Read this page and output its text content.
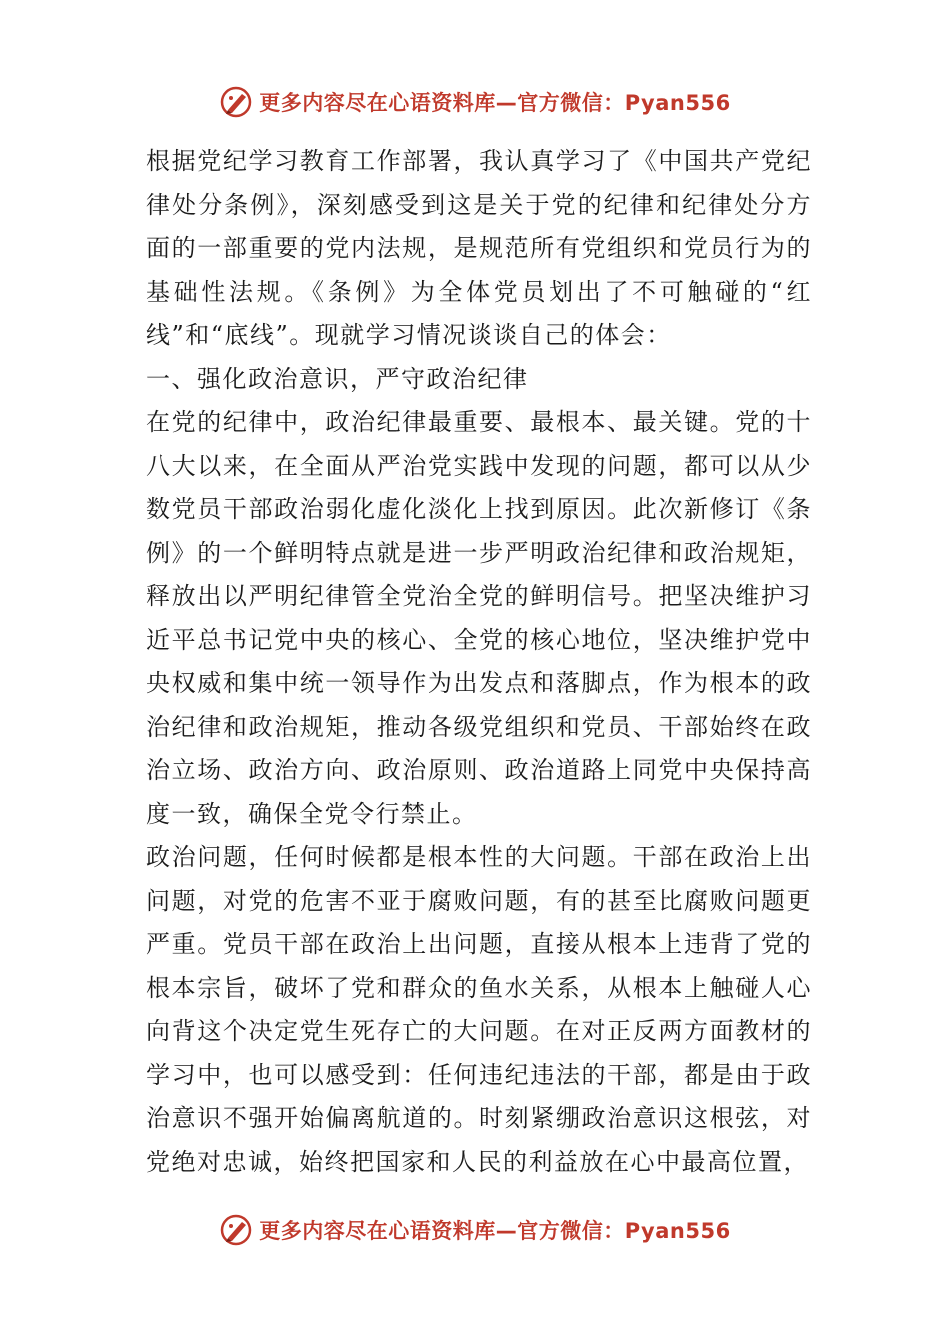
更多内容尽在心语资料库—官方微信：Pyan556

根据党纪学习教育工作部署，我认真学习了《中国共产党纪律处分条例》，深刻感受到这是关于党的纪律和纪律处分方面的一部重要的党内法规，是规范所有党组织和党员行为的基础性法规。《条例》为全体党员划出了不可触碰的“红线”和“底线”。现就学习情况谈谈自己的体会：

一、强化政治意识，严守政治纪律

在党的纪律中，政治纪律最重要、最根本、最关键。党的十八大以来，在全面从严治党实践中发现的问题，都可以从少数党员干部政治弱化虚化淡化上找到原因。此次新修订《条例》的一个鲜明特点就是进一步严明政治纪律和政治规矩，释放出以严明纪律管全党治全党的鲜明信号。把坚决维护习近平总书记党中央的核心、全党的核心地位，坚决维护党中央权威和集中统一领导作为出发点和落脚点，作为根本的政治纪律和政治规矩，推动各级党组织和党员、干部始终在政治立场、政治方向、政治原则、政治道路上同党中央保持高度一致，确保全党令行禁止。

政治问题，任何时候都是根本性的大问题。干部在政治上出问题，对党的危害不亚于腐败问题，有的甚至比腐败问题更严重。党员干部在政治上出问题，直接从根本上违背了党的根本宗旨，破坏了党和群众的鱼水关系，从根本上触碰人心向背这个决定党生死存亡的大问题。在对正反两方面教材的学习中，也可以感受到：任何违纪违法的干部，都是由于政治意识不强开始偏离航道的。时刻紧绷政治意识这根弦，对党绝对忠诚，始终把国家和人民的利益放在心中最高位置，

更多内容尽在心语资料库—官方微信：Pyan556
